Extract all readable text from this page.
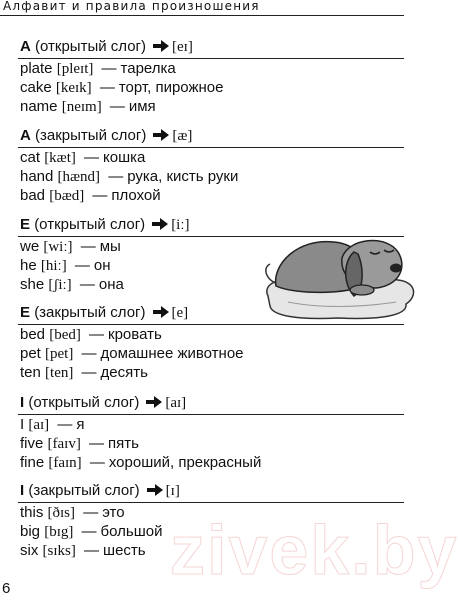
Алфавит и правила произношения
zivek.by
A (открытый слог) [eɪ]
plate [pleɪt] — тарелка
cake [keɪk] — торт, пирожное
name [neɪm] — имя
A (закрытый слог) [æ]
cat [kæt] — кошка
hand [hænd] — рука, кисть руки
bad [bæd] — плохой
E (открытый слог) [iː]
we [wiː] — мы
he [hiː] — он
she [ʃiː] — она
E (закрытый слог) [e]
bed [bed] — кровать
pet [pet] — домашнее животное
ten [ten] — десять
I (открытый слог) [aɪ]
I [aɪ] — я
five [faɪv] — пять
fine [faɪn] — хороший, прекрасный
I (закрытый слог) [ɪ]
this [ðɪs] — это
big [bɪg] — большой
six [sɪks] — шесть
6
